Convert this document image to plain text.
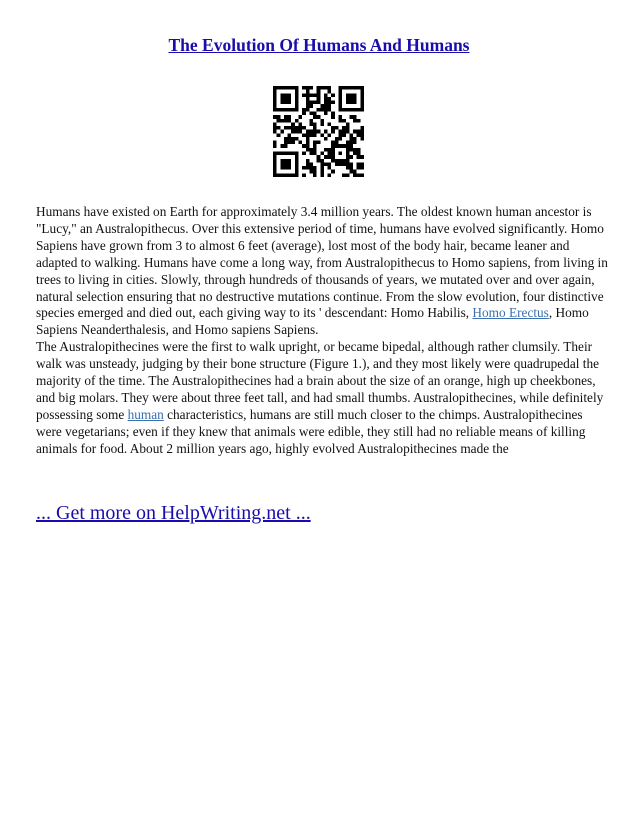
The Evolution Of Humans And Humans

Humans have existed on Earth for approximately 3.4 million years. The oldest known human ancestor is "Lucy," an Australopithecus. Over this extensive period of time, humans have evolved significantly. Homo Sapiens have grown from 3 to almost 6 feet (average), lost most of the body hair, became leaner and adapted to walking. Humans have come a long way, from Australopithecus to Homo sapiens, from living in trees to living in cities. Slowly, through hundreds of thousands of years, we mutated over and over again, natural selection ensuring that no destructive mutations continue. From the slow evolution, four distinctive species emerged and died out, each giving way to its ' descendant: Homo Habilis, Homo Erectus, Homo Sapiens Neanderthalesis, and Homo sapiens Sapiens.

The Australopithecines were the first to walk upright, or became bipedal, although rather clumsily. Their walk was unsteady, judging by their bone structure (Figure 1.), and they most likely were quadrupedal the majority of the time. The Australopithecines had a brain about the size of an orange, high up cheekbones, and big molars. They were about three feet tall, and had small thumbs. Australopithecines, while definitely possessing some human characteristics, humans are still much closer to the chimps. Australopithecines were vegetarians; even if they knew that animals were edible, they still had no reliable means of killing animals for food. About 2 million years ago, highly evolved Australopithecines made the

... Get more on HelpWriting.net ...
